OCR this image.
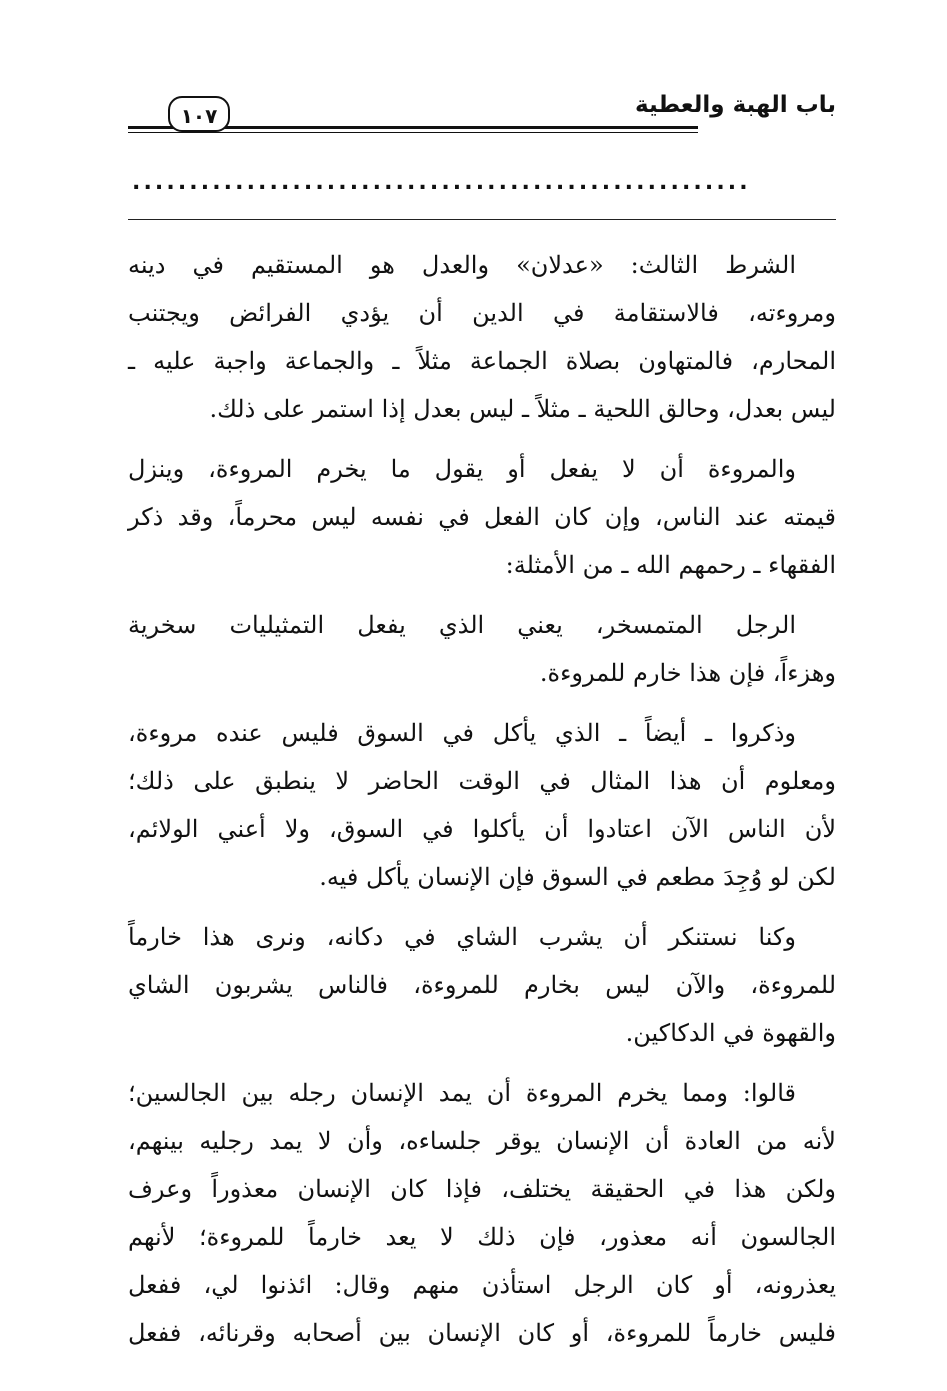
باب الهبة والعطية
١٠٧
......................................................
الشرط الثالث: «عدلان» والعدل هو المستقيم في دينه
ومروءته، فالاستقامة في الدين أن يؤدي الفرائض ويجتنب
المحارم، فالمتهاون بصلاة الجماعة مثلاً ـ والجماعة واجبة عليه ـ
ليس بعدل، وحالق اللحية ـ مثلاً ـ ليس بعدل إذا استمر على ذلك.
والمروءة أن لا يفعل أو يقول ما يخرم المروءة، وينزل
قيمته عند الناس، وإن كان الفعل في نفسه ليس محرماً، وقد ذكر
الفقهاء ـ رحمهم الله ـ من الأمثلة:
الرجل المتمسخر، يعني الذي يفعل التمثيليات سخرية
وهزءاً، فإن هذا خارم للمروءة.
وذكروا ـ أيضاً ـ الذي يأكل في السوق فليس عنده مروءة،
ومعلوم أن هذا المثال في الوقت الحاضر لا ينطبق على ذلك؛
لأن الناس الآن اعتادوا أن يأكلوا في السوق، ولا أعني الولائم،
لكن لو وُجِدَ مطعم في السوق فإن الإنسان يأكل فيه.
وكنا نستنكر أن يشرب الشاي في دكانه، ونرى هذا خارماً
للمروءة، والآن ليس بخارم للمروءة، فالناس يشربون الشاي
والقهوة في الدكاكين.
قالوا: ومما يخرم المروءة أن يمد الإنسان رجله بين الجالسين؛
لأنه من العادة أن الإنسان يوقر جلساءه، وأن لا يمد رجليه بينهم،
ولكن هذا في الحقيقة يختلف، فإذا كان الإنسان معذوراً وعرف
الجالسون أنه معذور، فإن ذلك لا يعد خارماً للمروءة؛ لأنهم
يعذرونه، أو كان الرجل استأذن منهم وقال: ائذنوا لي، ففعل
فليس خارماً للمروءة، أو كان الإنسان بين أصحابه وقرنائه، ففعل
